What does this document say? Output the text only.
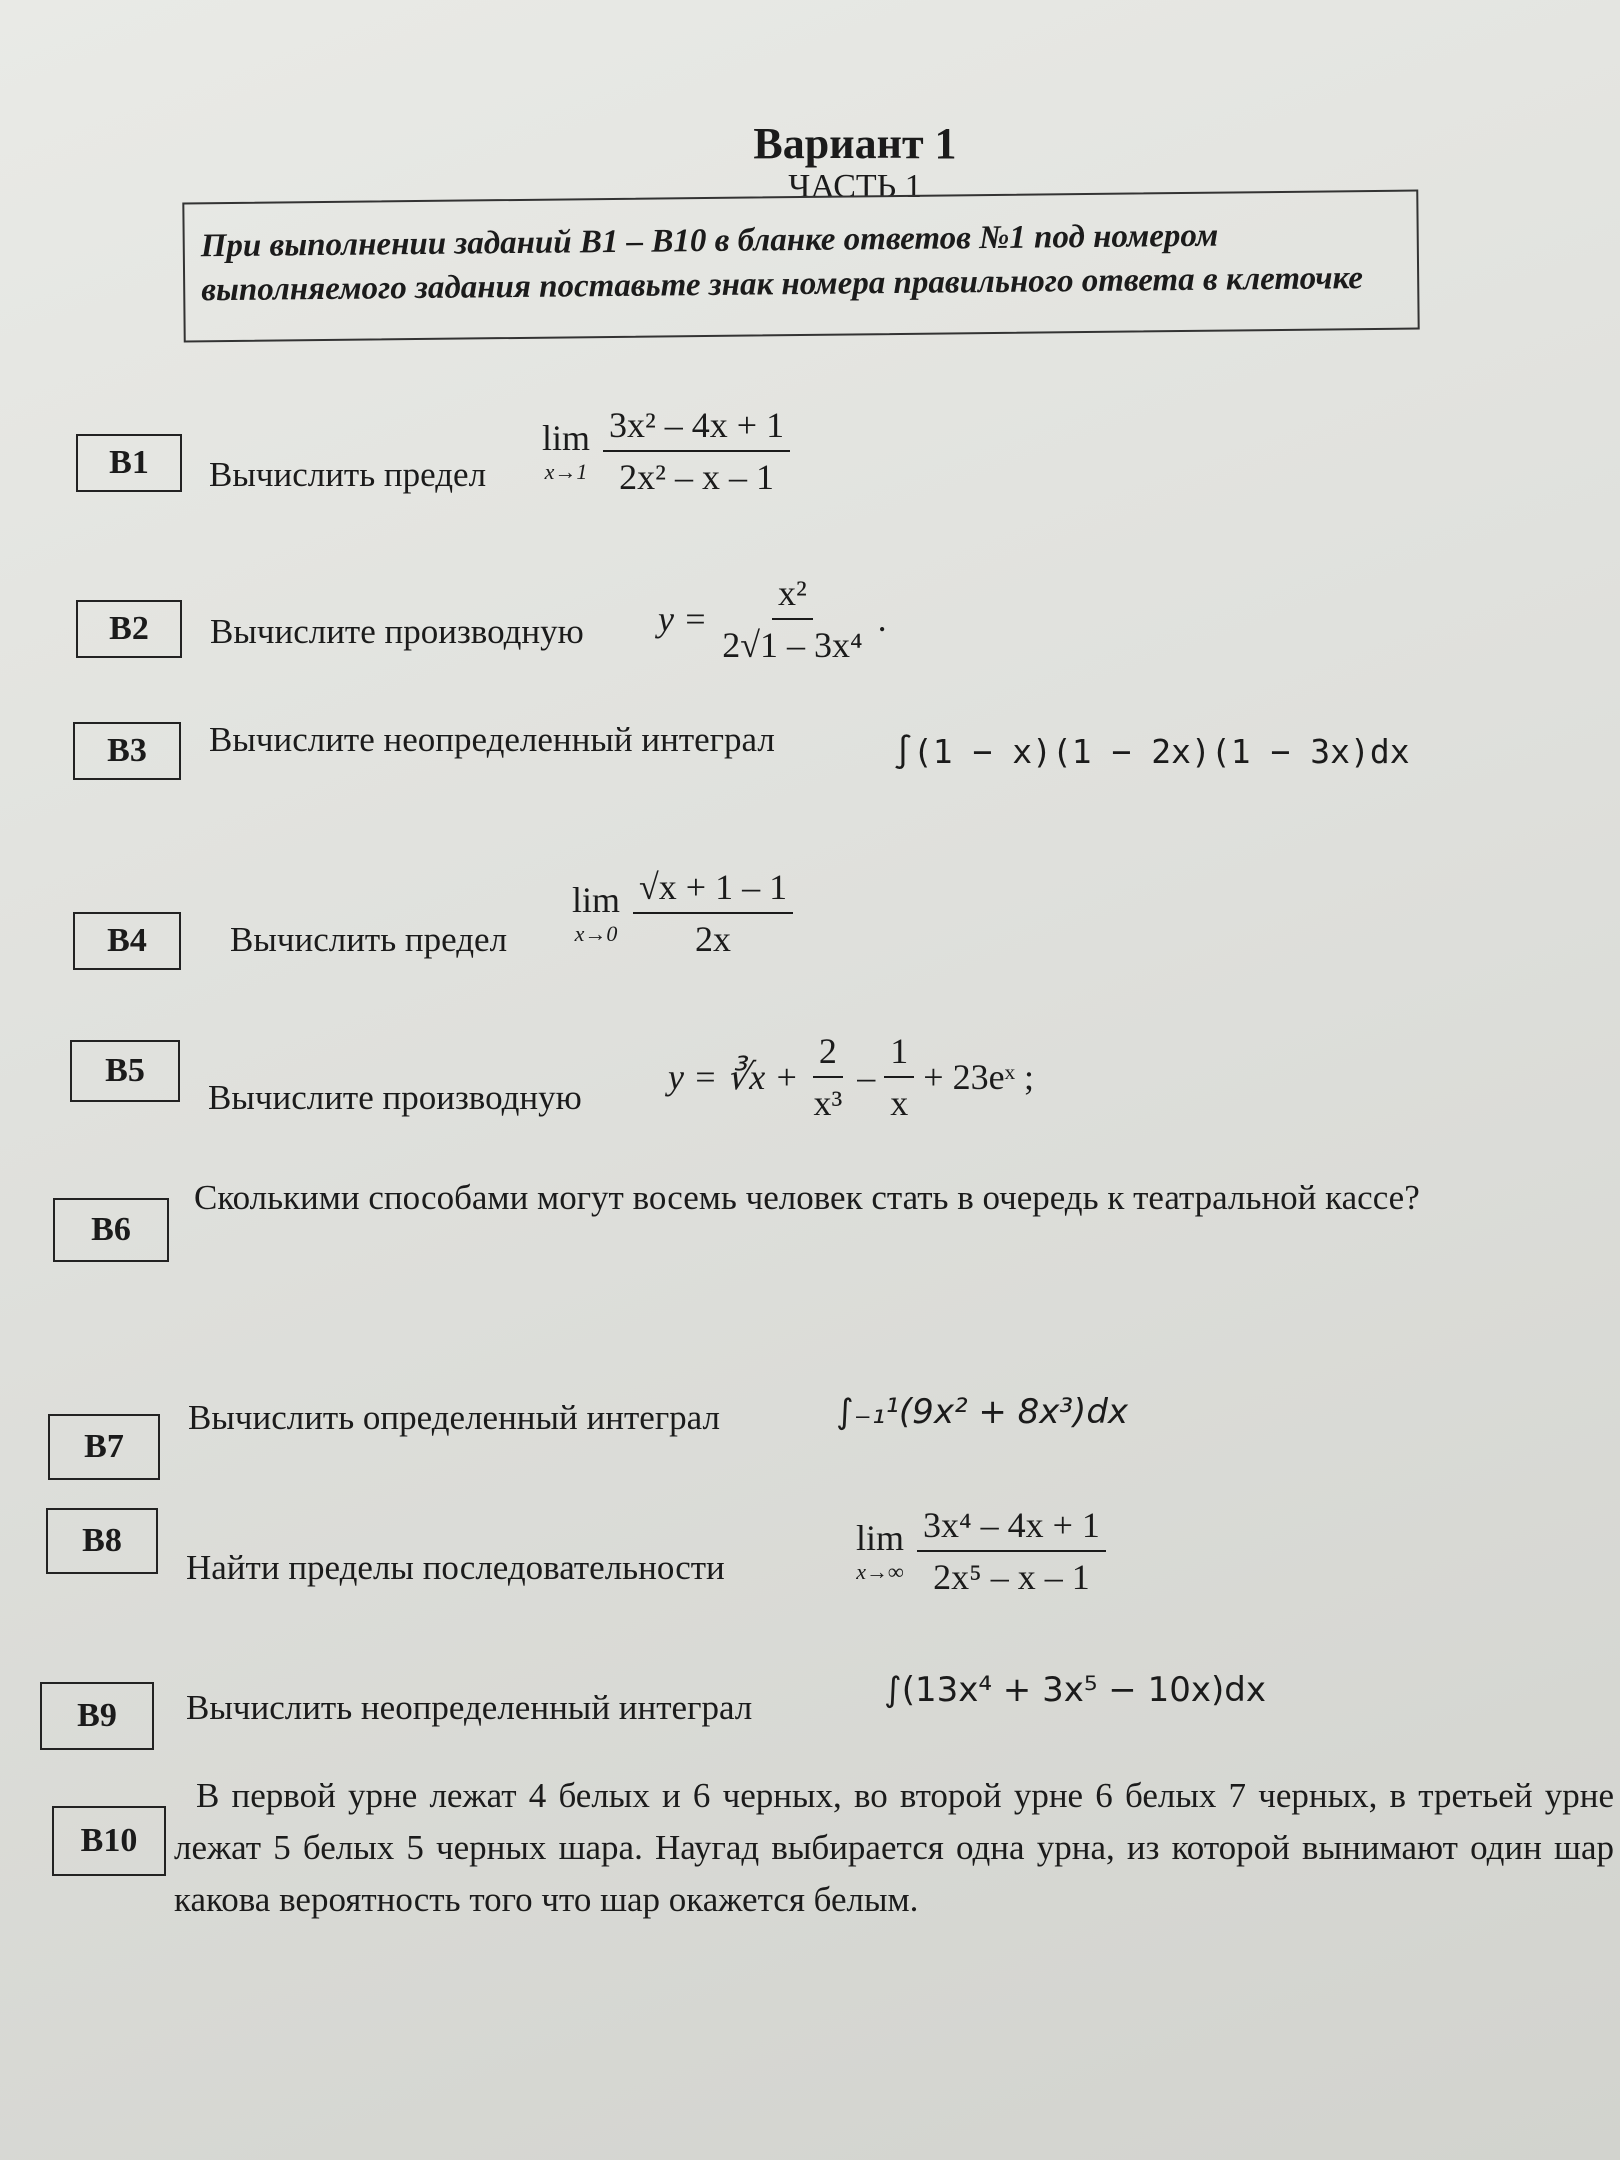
Вариант 1
ЧАСТЬ 1
При выполнении заданий В1 – В10 в бланке ответов №1 под номером выполняемого задания поставьте знак номера правильного ответа в клеточке
B1	Вычислить предел
lim
x→1
$\frac{\text{3x² – 4x + 1}}{\text{2x² – x – 1}}$
B2	Вычислите производную $y = \frac{\text{x²}}{\text{2√1 – 3x⁴}}$ .
B3	Вычислите неопределенный интеграл	∫(1 − x)(1 − 2x)(1 − 3x)dx
B4	Вычислить предел
lim
x→0
$\frac{√x + 1 - 1}{2x}$
B5
Вычислите производную
y = ∛x + $\frac{2}{\text{x³}} - \frac{1}{x}$ + 23eˣ ;
B6
Сколькими способами могут восемь человек стать в очередь к театральной кассе?
B7
Вычислить определенный интеграл	∫₋₁¹(9x² + 8x³)dx
B8
Найти пределы последовательности
lim
x→∞
$\frac{\text{3x⁴ – 4x + 1}}{\text{2x⁵ – x – 1}}$
B9	Вычислить неопределенный интеграл	∫(13x⁴ + 3x⁵ − 10x)dx
B10
В первой урне лежат 4 белых и 6 черных, во второй урне 6 белых 7 черных, в третьей урне лежат 5 белых 5 черных шара. Наугад выбирается одна урна, из которой вынимают один шар какова вероятность того что шар окажется белым.
